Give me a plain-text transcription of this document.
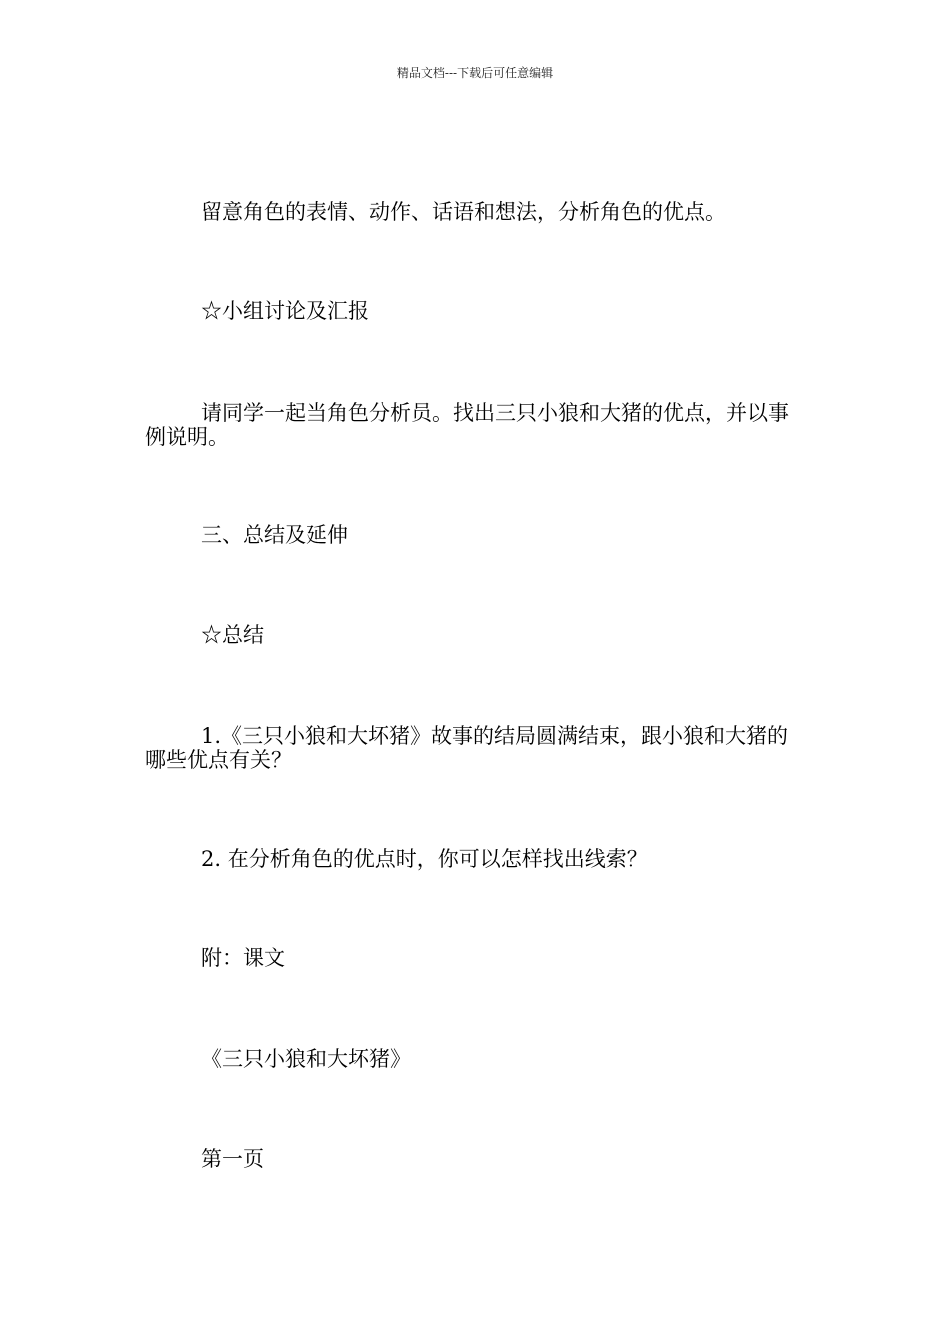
精品文档---下载后可任意编辑

留意角色的表情、动作、话语和想法，分析角色的优点。

☆小组讨论及汇报

请同学一起当角色分析员。找出三只小狼和大猪的优点，并以事例说明。

三、总结及延伸

☆总结

1.《三只小狼和大坏猪》故事的结局圆满结束，跟小狼和大猪的哪些优点有关？

2. 在分析角色的优点时，你可以怎样找出线索？

附：课文

《三只小狼和大坏猪》

第一页
